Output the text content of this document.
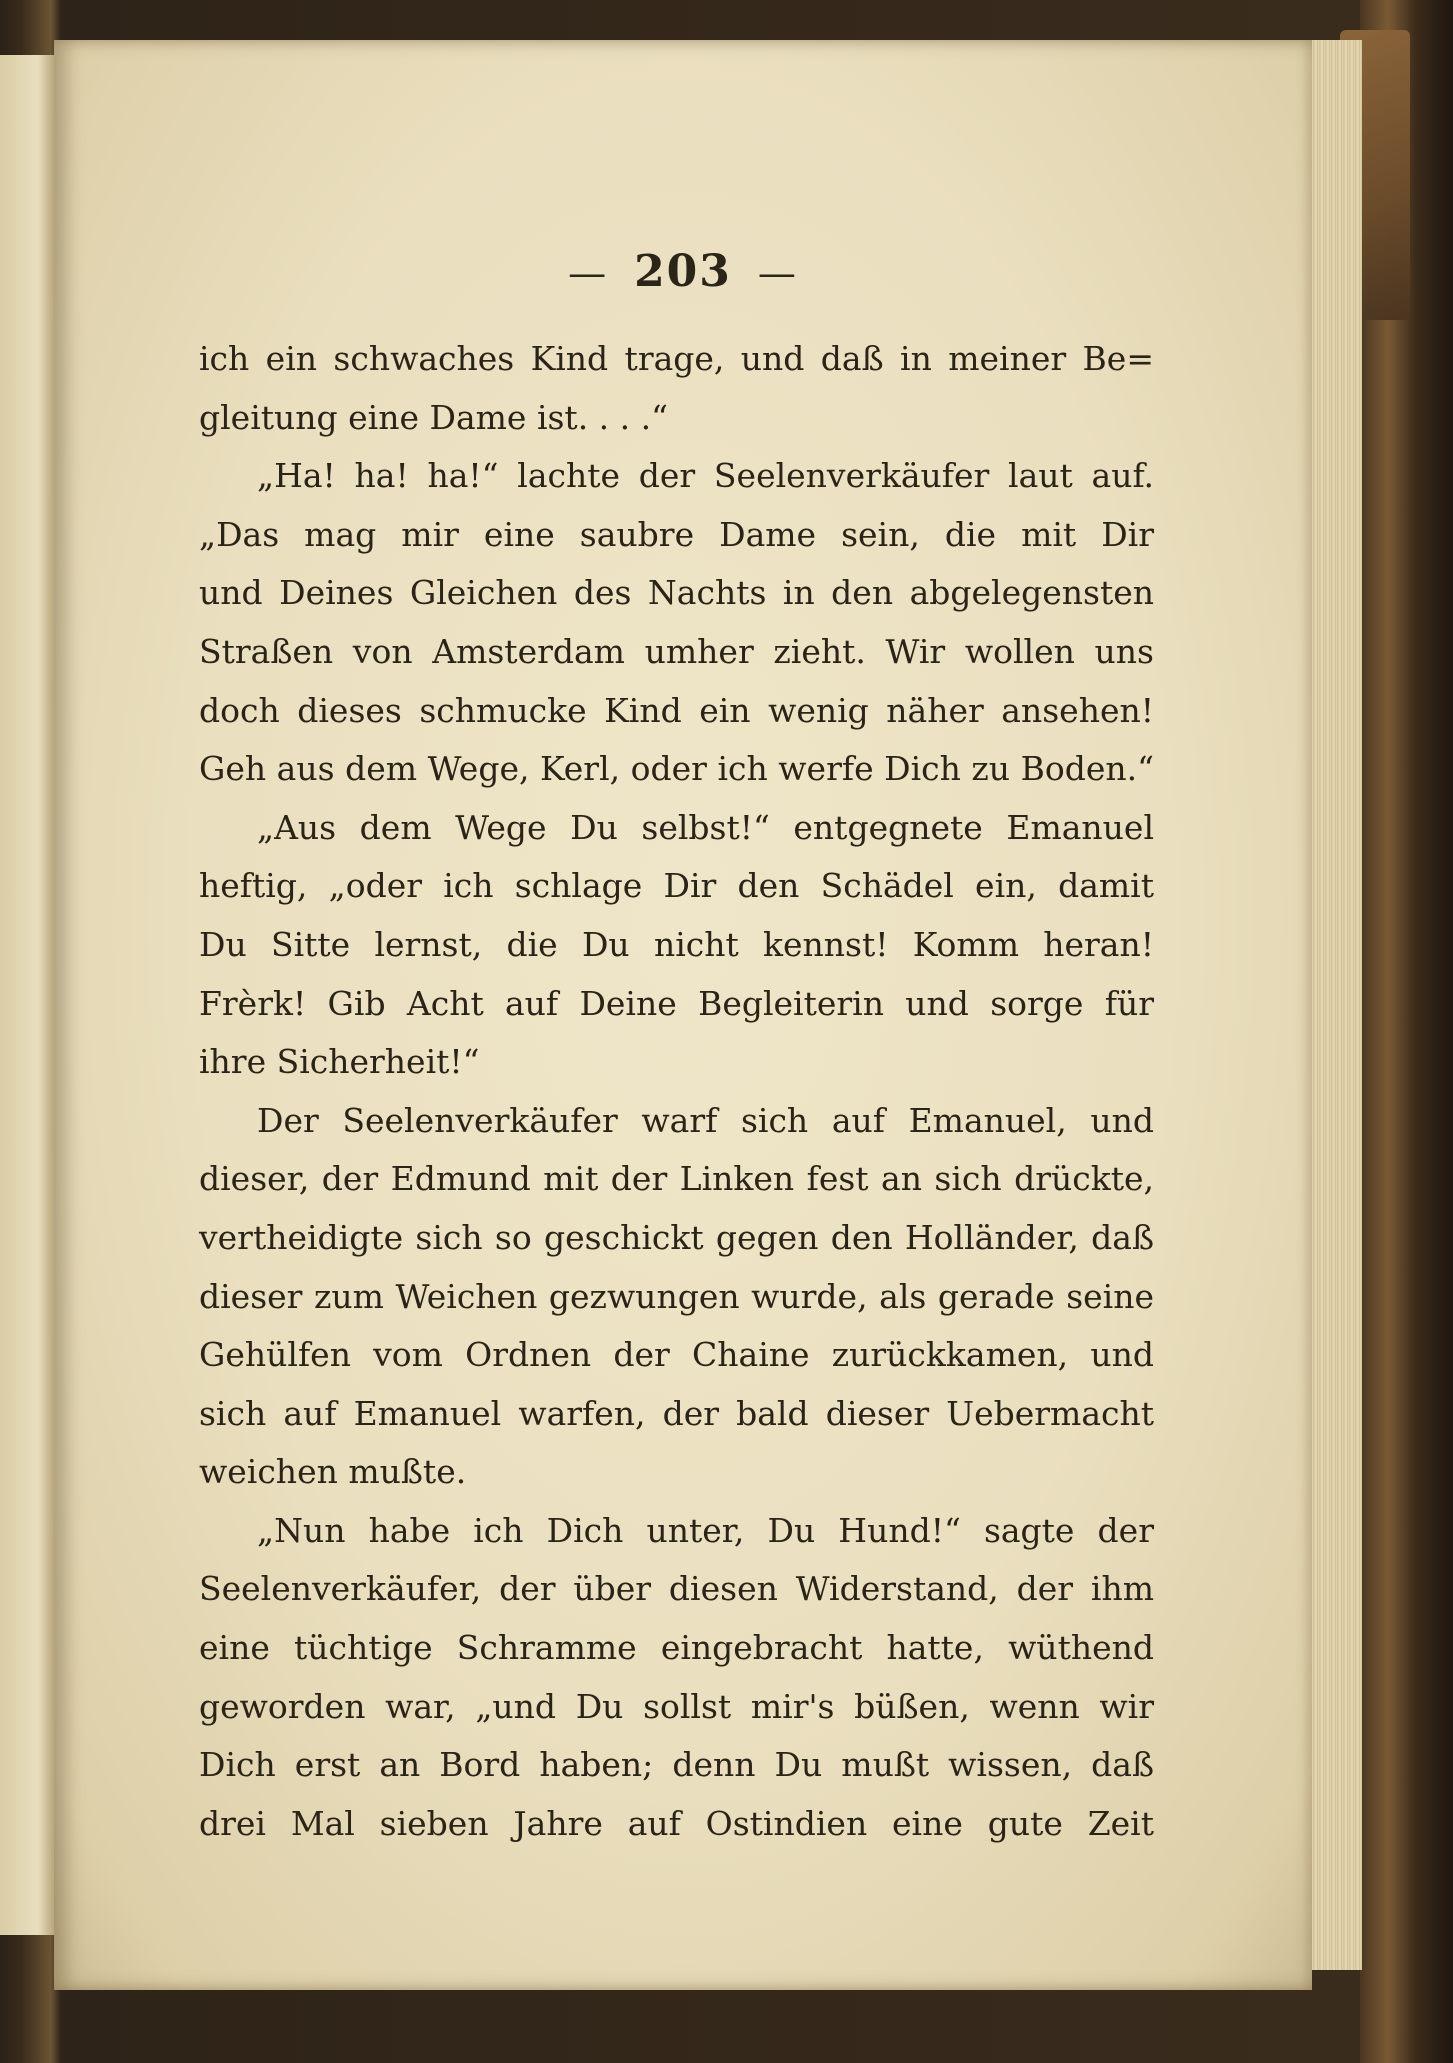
— 203 —
ich ein schwaches Kind trage, und daß in meiner Be=
gleitung eine Dame ist. . . .“
„Ha! ha! ha!“ lachte der Seelenverkäufer laut auf.
„Das mag mir eine saubre Dame sein, die mit Dir
und Deines Gleichen des Nachts in den abgelegensten
Straßen von Amsterdam umher zieht. Wir wollen uns
doch dieses schmucke Kind ein wenig näher ansehen!
Geh aus dem Wege, Kerl, oder ich werfe Dich zu Boden.“
„Aus dem Wege Du selbst!“ entgegnete Emanuel
heftig, „oder ich schlage Dir den Schädel ein, damit
Du Sitte lernst, die Du nicht kennst! Komm heran!
Frèrk! Gib Acht auf Deine Begleiterin und sorge für
ihre Sicherheit!“
Der Seelenverkäufer warf sich auf Emanuel, und
dieser, der Edmund mit der Linken fest an sich drückte,
vertheidigte sich so geschickt gegen den Holländer, daß
dieser zum Weichen gezwungen wurde, als gerade seine
Gehülfen vom Ordnen der Chaine zurückkamen, und
sich auf Emanuel warfen, der bald dieser Uebermacht
weichen mußte.
„Nun habe ich Dich unter, Du Hund!“ sagte der
Seelenverkäufer, der über diesen Widerstand, der ihm
eine tüchtige Schramme eingebracht hatte, wüthend
geworden war, „und Du sollst mir's büßen, wenn wir
Dich erst an Bord haben; denn Du mußt wissen, daß
drei Mal sieben Jahre auf Ostindien eine gute Zeit
